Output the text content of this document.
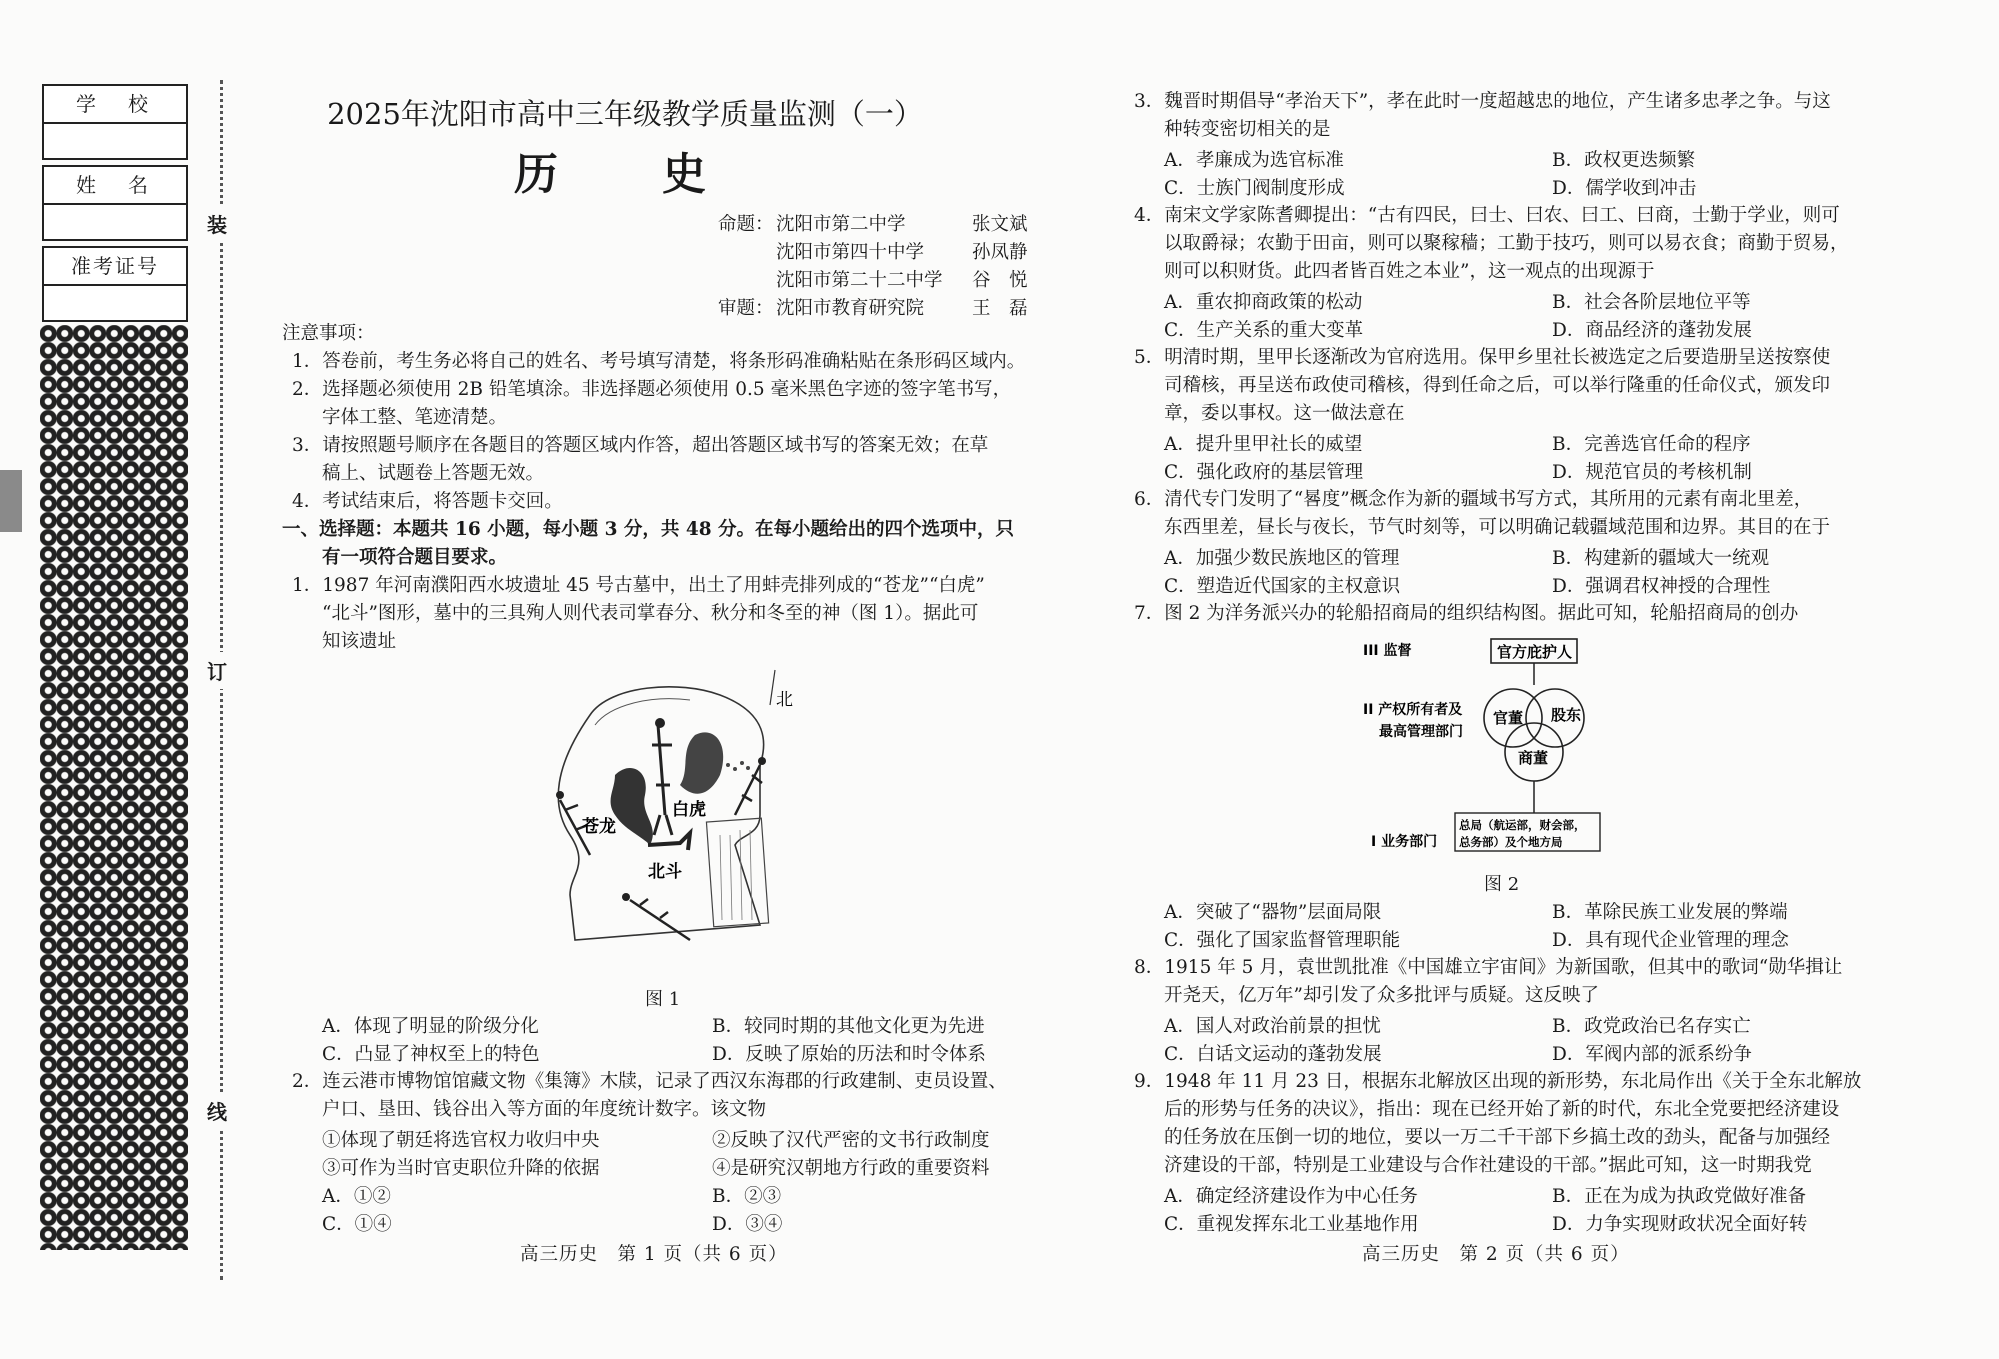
学　校
姓　名
准考证号
装
订
线
2025年沈阳市高中三年级教学质量监测（一）
历　史
命题： 沈阳市第二中学	张文斌
沈阳市第四十中学	孙凤静
沈阳市第二十二中学 谷　悦
审题： 沈阳市教育研究院	王　磊
注意事项：
1．答卷前，考生务必将自己的姓名、考号填写清楚，将条形码准确粘贴在条形码区域内。
2．选择题必须使用 2B 铅笔填涂。非选择题必须使用 0.5 毫米黑色字迹的签字笔书写，
字体工整、笔迹清楚。
3．请按照题号顺序在各题目的答题区域内作答，超出答题区域书写的答案无效；在草
稿上、试题卷上答题无效。
4．考试结束后，将答题卡交回。
一、选择题：本题共 16 小题，每小题 3 分，共 48 分。在每小题给出的四个选项中，只
有一项符合题目要求。
1．1987 年河南濮阳西水坡遗址 45 号古墓中，出土了用蚌壳排列成的“苍龙”“白虎”
“北斗”图形，墓中的三具殉人则代表司掌春分、秋分和冬至的神（图 1）。据此可
知该遗址
北
苍龙
白虎
北斗
图 1
A．体现了明显的阶级分化	B．较同时期的其他文化更为先进
C．凸显了神权至上的特色	D．反映了原始的历法和时令体系
2．连云港市博物馆馆藏文物《集簿》木牍，记录了西汉东海郡的行政建制、吏员设置、
户口、垦田、钱谷出入等方面的年度统计数字。该文物
①体现了朝廷将选官权力收归中央	②反映了汉代严密的文书行政制度
③可作为当时官吏职位升降的依据	④是研究汉朝地方行政的重要资料
A．①②	B．②③
C．①④	D．③④
高三历史　第 1 页（共 6 页）
3．魏晋时期倡导“孝治天下”，孝在此时一度超越忠的地位，产生诸多忠孝之争。与这
种转变密切相关的是
A．孝廉成为选官标准	B．政权更迭频繁
C．士族门阀制度形成	D．儒学收到冲击
4．南宋文学家陈耆卿提出：“古有四民，曰士、曰农、曰工、曰商，士勤于学业，则可
以取爵禄；农勤于田亩，则可以聚稼穑；工勤于技巧，则可以易衣食；商勤于贸易，
则可以积财货。此四者皆百姓之本业”，这一观点的出现源于
A．重农抑商政策的松动	B．社会各阶层地位平等
C．生产关系的重大变革	D．商品经济的蓬勃发展
5．明清时期，里甲长逐渐改为官府选用。保甲乡里社长被选定之后要造册呈送按察使
司稽核，再呈送布政使司稽核，得到任命之后，可以举行隆重的任命仪式，颁发印
章，委以事权。这一做法意在
A．提升里甲社长的威望	B．完善选官任命的程序
C．强化政府的基层管理	D．规范官员的考核机制
6．清代专门发明了“晷度”概念作为新的疆域书写方式，其所用的元素有南北里差，
东西里差，昼长与夜长，节气时刻等，可以明确记载疆域范围和边界。其目的在于
A．加强少数民族地区的管理	B．构建新的疆域大一统观
C．塑造近代国家的主权意识	D．强调君权神授的合理性
7．图 2 为洋务派兴办的轮船招商局的组织结构图。据此可知，轮船招商局的创办
III 监督
II 产权所有者及
最高管理部门
I 业务部门
官方庇护人
官董 股东
商董
总局（航运部，财会部，
总务部）及个地方局
图 2
A．突破了“器物”层面局限	B．革除民族工业发展的弊端
C．强化了国家监督管理职能	D．具有现代企业管理的理念
8．1915 年 5 月，袁世凯批准《中国雄立宇宙间》为新国歌，但其中的歌词“勋华揖让
开尧天，亿万年”却引发了众多批评与质疑。这反映了
A．国人对政治前景的担忧	B．政党政治已名存实亡
C．白话文运动的蓬勃发展	D．军阀内部的派系纷争
9．1948 年 11 月 23 日，根据东北解放区出现的新形势，东北局作出《关于全东北解放
后的形势与任务的决议》，指出：现在已经开始了新的时代，东北全党要把经济建设
的任务放在压倒一切的地位，要以一万二千干部下乡搞土改的劲头，配备与加强经
济建设的干部，特别是工业建设与合作社建设的干部。”据此可知，这一时期我党
A．确定经济建设作为中心任务	B．正在为成为执政党做好准备
C．重视发挥东北工业基地作用	D．力争实现财政状况全面好转
高三历史　第 2 页（共 6 页）
